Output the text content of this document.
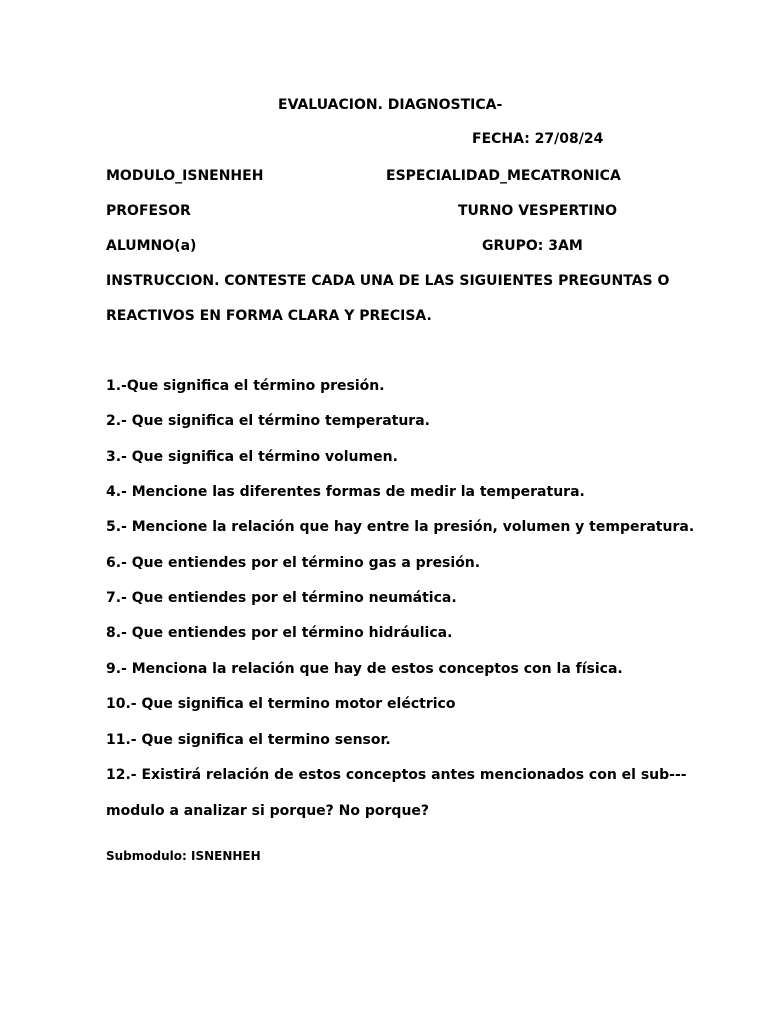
EVALUACION. DIAGNOSTICA-
FECHA: 27/08/24
MODULO_ISNENHEH	ESPECIALIDAD_MECATRONICA
PROFESOR	TURNO VESPERTINO
ALUMNO(a)	GRUPO: 3AM
INSTRUCCION. CONTESTE CADA UNA DE LAS SIGUIENTES PREGUNTAS O
REACTIVOS EN FORMA CLARA Y PRECISA.
1.-Que significa el término presión.
2.- Que significa el término temperatura.
3.- Que significa el término volumen.
4.- Mencione las diferentes formas de medir la temperatura.
5.- Mencione la relación que hay entre la presión, volumen y temperatura.
6.- Que entiendes por el término gas a presión.
7.- Que entiendes por el término neumática.
8.- Que entiendes por el término hidráulica.
9.- Menciona la relación que hay de estos conceptos con la física.
10.- Que significa el termino motor eléctrico
11.- Que significa el termino sensor.
12.- Existirá relación de estos conceptos antes mencionados con el sub---
modulo a analizar si porque? No porque?
Submodulo: ISNENHEH
